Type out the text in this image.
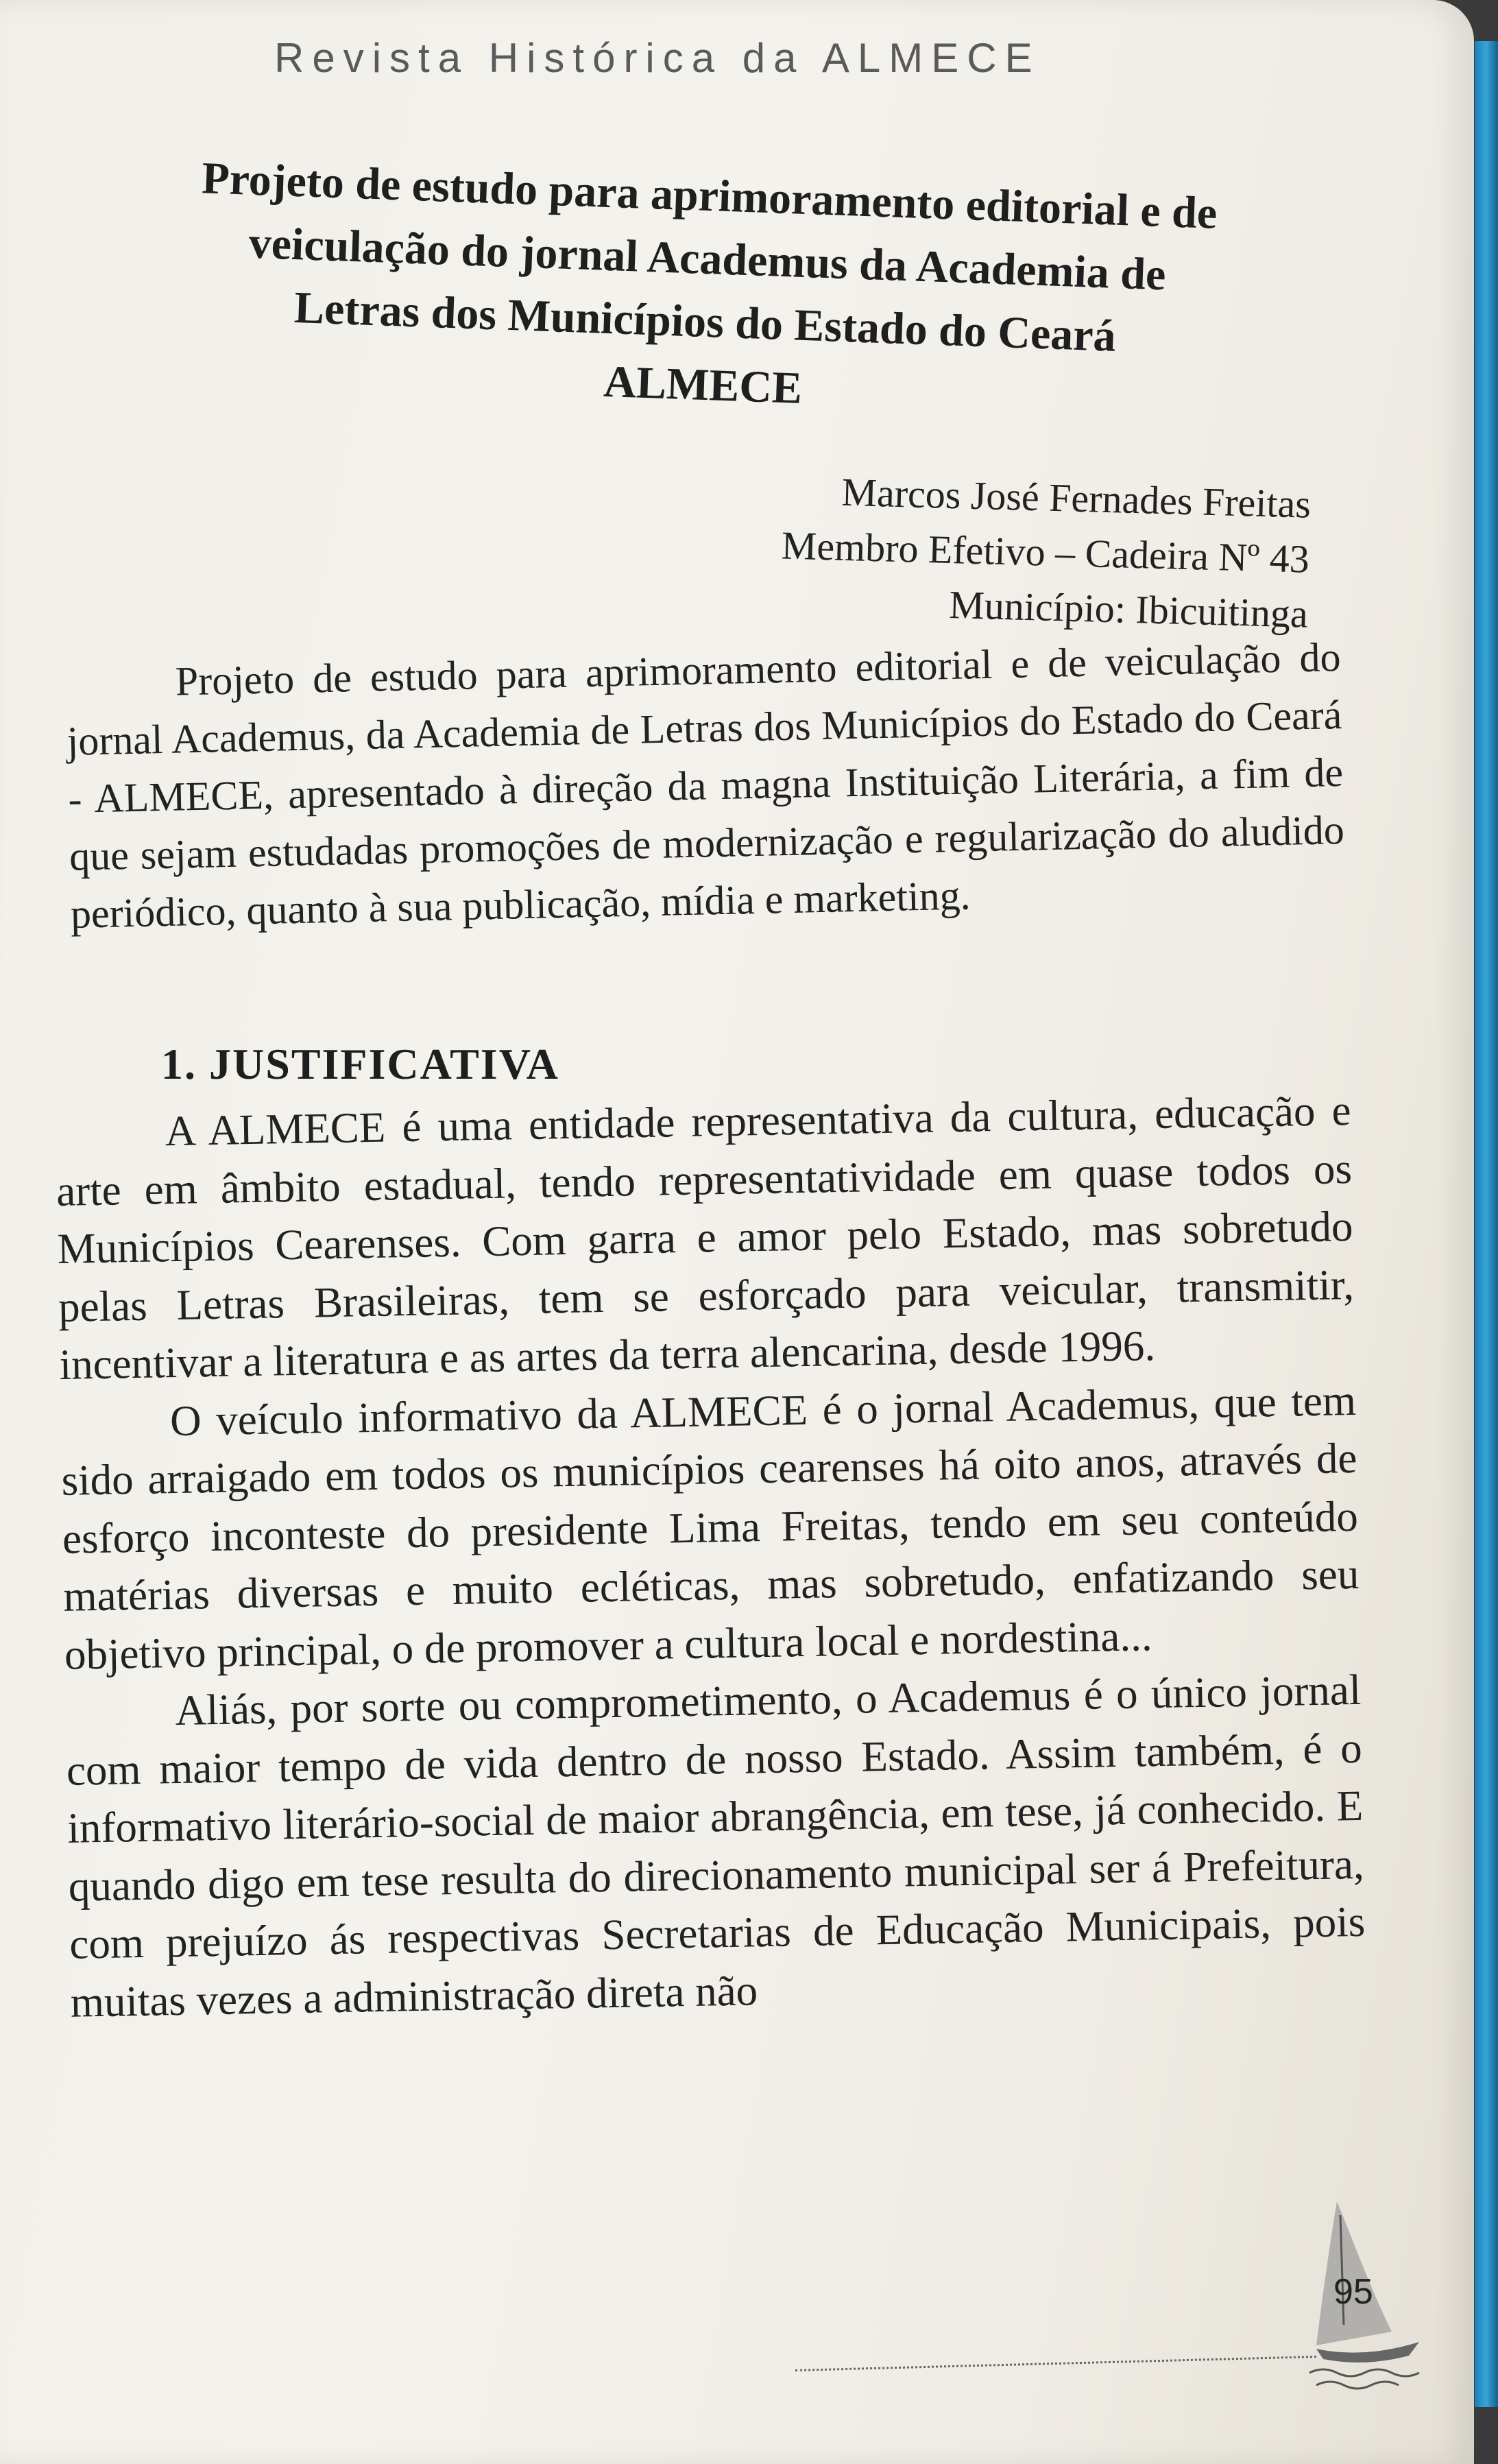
Revista Histórica da ALMECE
Projeto de estudo para aprimoramento editorial e de
veiculação do jornal Academus da Academia de
Letras dos Municípios do Estado do Ceará
ALMECE
Marcos José Fernades Freitas
Membro Efetivo – Cadeira Nº 43
Município: Ibicuitinga
Projeto de estudo para aprimoramento editorial e de veiculação do jornal Academus, da Academia de Letras dos Municípios do Estado do Ceará - ALMECE, apresentado à direção da magna Instituição Literária, a fim de que sejam estudadas promoções de modernização e regularização do aludido periódico, quanto à sua publicação, mídia e marketing.
1. JUSTIFICATIVA

A ALMECE é uma entidade representativa da cultura, educação e arte em âmbito estadual, tendo representatividade em quase todos os Municípios Cearenses. Com garra e amor pelo Estado, mas sobretudo pelas Letras Brasileiras, tem se esforçado para veicular, transmitir, incentivar a literatura e as artes da terra alencarina, desde 1996.

O veículo informativo da ALMECE é o jornal Academus, que tem sido arraigado em todos os municípios cearenses há oito anos, através de esforço inconteste do presidente Lima Freitas, tendo em seu conteúdo matérias diversas e muito ecléticas, mas sobretudo, enfatizando seu objetivo principal, o de promover a cultura local e nordestina...

Aliás, por sorte ou comprometimento, o Academus é o único jornal com maior tempo de vida dentro de nosso Estado. Assim também, é o informativo literário-social de maior abrangência, em tese, já conhecido. E quando digo em tese resulta do direcionamento municipal ser á Prefeitura, com prejuízo ás respectivas Secretarias de Educação Municipais, pois muitas vezes a administração direta não

95
